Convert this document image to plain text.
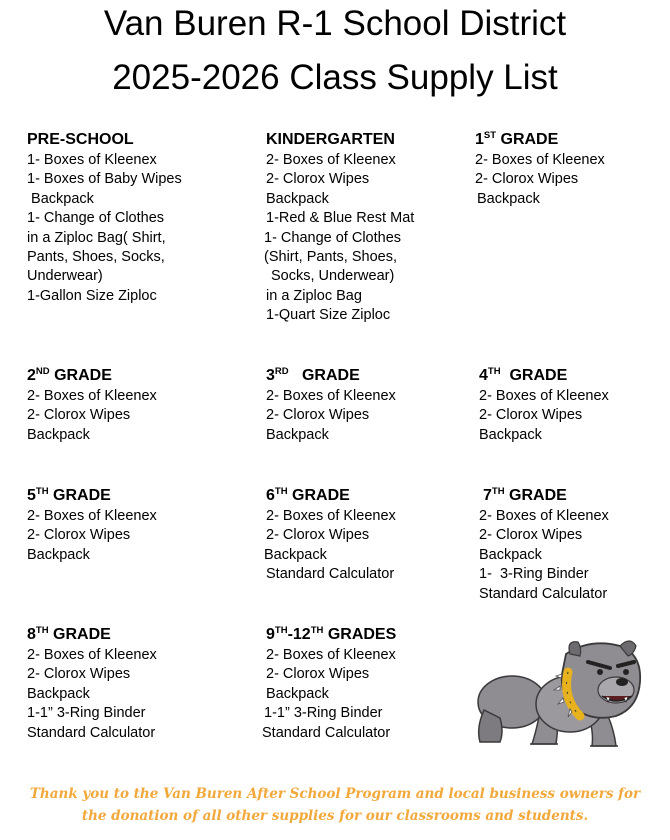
Van Buren R-1 School District
2025-2026 Class Supply List
PRE-SCHOOL
1- Boxes of Kleenex
1- Boxes of Baby Wipes
Backpack
1- Change of Clothes
in a Ziploc Bag( Shirt,
Pants, Shoes, Socks,
Underwear)
1-Gallon Size Ziploc
KINDERGARTEN
2- Boxes of Kleenex
2- Clorox Wipes
Backpack
1-Red & Blue Rest Mat
1- Change of Clothes
(Shirt, Pants, Shoes,
Socks, Underwear)
in a Ziploc Bag
1-Quart Size Ziploc
1ST GRADE
2- Boxes of Kleenex
2- Clorox Wipes
Backpack
2ND GRADE
2- Boxes of Kleenex
2- Clorox Wipes
Backpack
3RD   GRADE
2- Boxes of Kleenex
2- Clorox Wipes
Backpack
4TH  GRADE
2- Boxes of Kleenex
2- Clorox Wipes
Backpack
5TH GRADE
2- Boxes of Kleenex
2- Clorox Wipes
Backpack
6TH GRADE
2- Boxes of Kleenex
2- Clorox Wipes
Backpack
Standard Calculator
7TH GRADE
2- Boxes of Kleenex
2- Clorox Wipes
Backpack
1-  3-Ring Binder
Standard Calculator
8TH GRADE
2- Boxes of Kleenex
2- Clorox Wipes
Backpack
1-1” 3-Ring Binder
Standard Calculator
9TH-12TH GRADES
2- Boxes of Kleenex
2- Clorox Wipes
Backpack
1-1” 3-Ring Binder
Standard Calculator
Thank you to the Van Buren After School Program and local business owners for
the donation of all other supplies for our classrooms and students.
